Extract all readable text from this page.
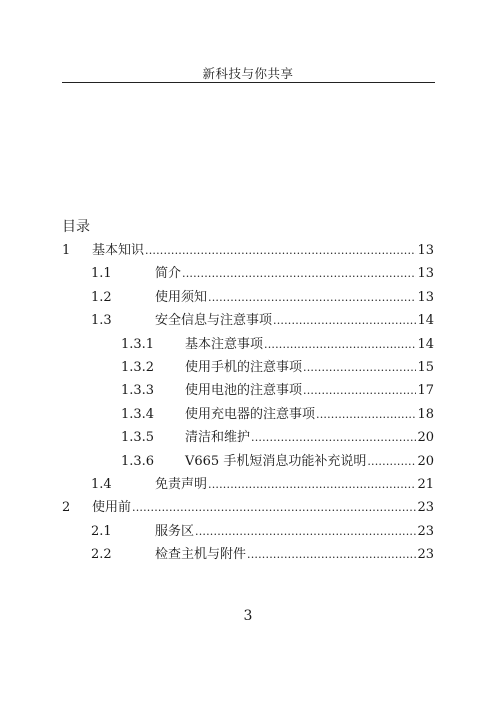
新科技与你共享
目录
1	基本知识 .....	13
1.1	简介 .....	13
1.2	使用须知 .....	13
1.3	安全信息与注意事项 .....	14
1.3.1	基本注意事项 .....	14
1.3.2	使用手机的注意事项 .....	15
1.3.3	使用电池的注意事项 .....	17
1.3.4	使用充电器的注意事项 .....	18
1.3.5	清洁和维护 .....	20
1.3.6	V665 手机短消息功能补充说明 .....	20
1.4	免责声明 .....	21
2	使用前 .....	23
2.1	服务区 .....	23
2.2	检查主机与附件 .....	23
3
